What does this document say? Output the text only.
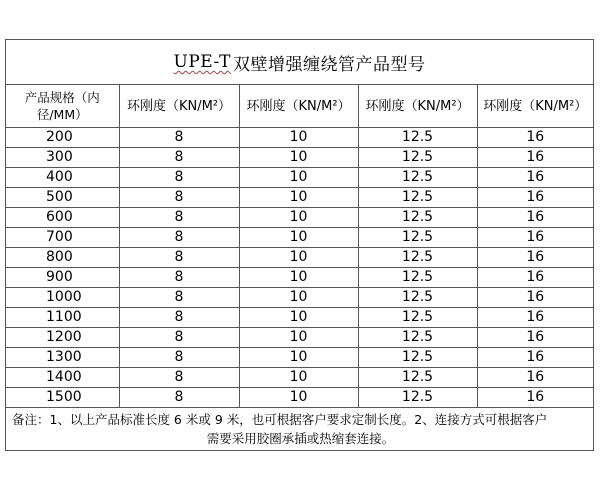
UPE-T 双壁增强缠绕管产品型号
产品规格（内径/MM）	环刚度（KN/M²）	环刚度（KN/M²）	环刚度（KN/M²）	环刚度（KN/M²）
200	8	10	12.5	16
300	8	10	12.5	16
400	8	10	12.5	16
500	8	10	12.5	16
600	8	10	12.5	16
700	8	10	12.5	16
800	8	10	12.5	16
900	8	10	12.5	16
1000	8	10	12.5	16
1100	8	10	12.5	16
1200	8	10	12.5	16
1300	8	10	12.5	16
1400	8	10	12.5	16
1500	8	10	12.5	16
备注：1、以上产品标准长度 6 米或 9 米，也可根据客户要求定制长度。2、连接方式可根据客户
需要采用胶圈承插或热缩套连接。
